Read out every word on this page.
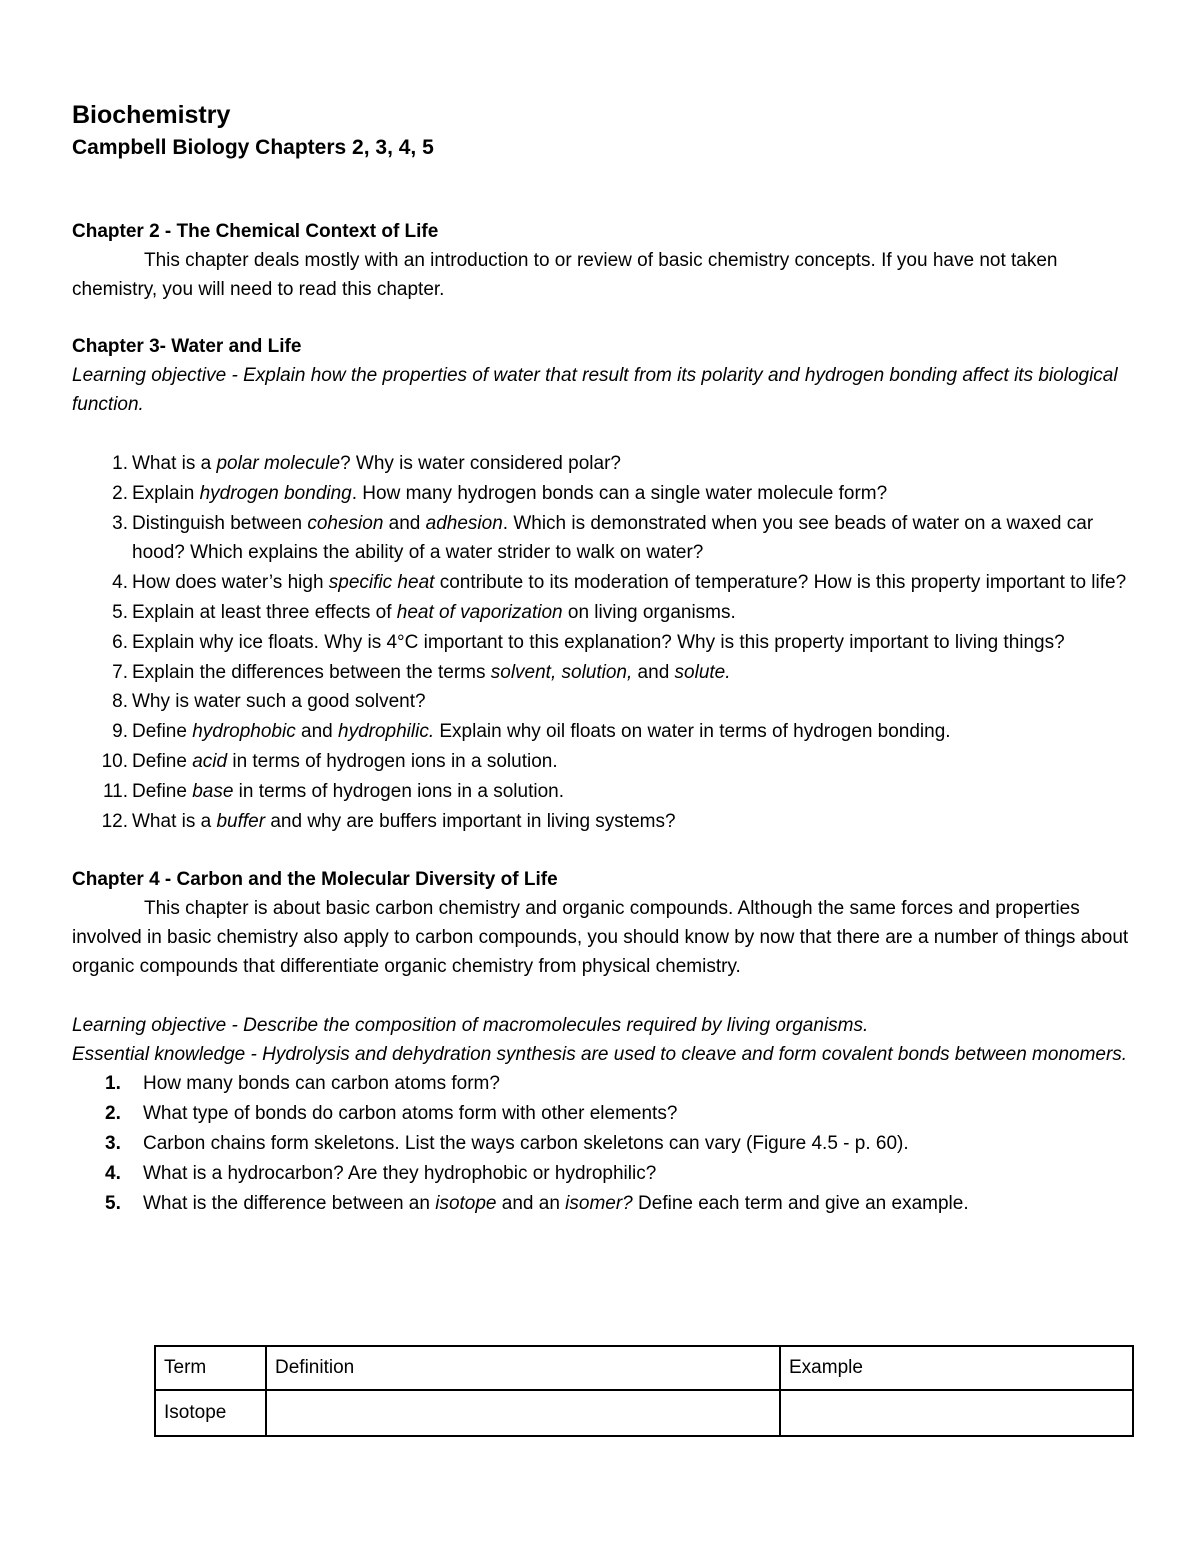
Biochemistry
Campbell Biology Chapters 2, 3, 4, 5
Chapter 2 - The Chemical Context of Life

This chapter deals mostly with an introduction to or review of basic chemistry concepts. If you have not taken chemistry, you will need to read this chapter.

Chapter 3- Water and Life

Learning objective - Explain how the properties of water that result from its polarity and hydrogen bonding affect its biological function.

1. What is a polar molecule? Why is water considered polar?
2. Explain hydrogen bonding. How many hydrogen bonds can a single water molecule form?
3. Distinguish between cohesion and adhesion. Which is demonstrated when you see beads of water on a waxed car hood? Which explains the ability of a water strider to walk on water?
4. How does water’s high specific heat contribute to its moderation of temperature? How is this property important to life?
5. Explain at least three effects of heat of vaporization on living organisms.
6. Explain why ice floats. Why is 4°C important to this explanation? Why is this property important to living things?
7. Explain the differences between the terms solvent, solution, and solute.
8. Why is water such a good solvent?
9. Define hydrophobic and hydrophilic. Explain why oil floats on water in terms of hydrogen bonding.
10. Define acid in terms of hydrogen ions in a solution.
11. Define base in terms of hydrogen ions in a solution.
12. What is a buffer and why are buffers important in living systems?
Chapter 4 - Carbon and the Molecular Diversity of Life

This chapter is about basic carbon chemistry and organic compounds. Although the same forces and properties involved in basic chemistry also apply to carbon compounds, you should know by now that there are a number of things about organic compounds that differentiate organic chemistry from physical chemistry.

Learning objective - Describe the composition of macromolecules required by living organisms.

Essential knowledge - Hydrolysis and dehydration synthesis are used to cleave and form covalent bonds between monomers.

1. How many bonds can carbon atoms form?
2. What type of bonds do carbon atoms form with other elements?
3. Carbon chains form skeletons. List the ways carbon skeletons can vary (Figure 4.5 - p. 60).
4. What is a hydrocarbon? Are they hydrophobic or hydrophilic?
5. What is the difference between an isotope and an isomer? Define each term and give an example.
Term	Definition	Example
Isotope		
